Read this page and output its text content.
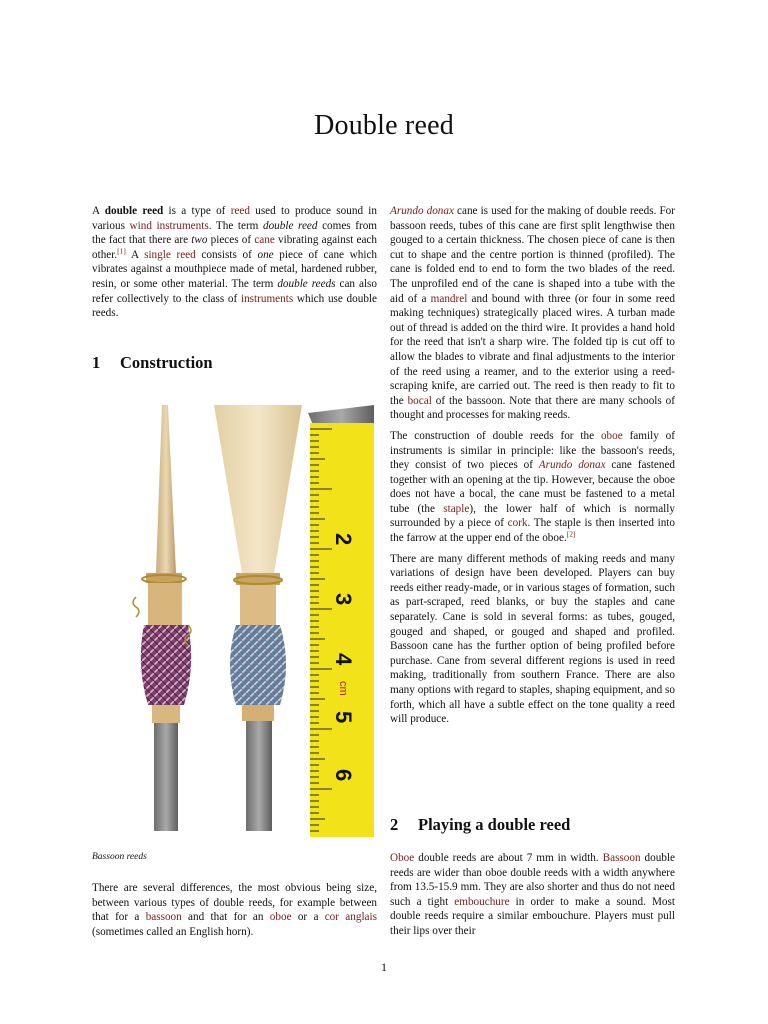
Double reed

A double reed is a type of reed used to produce sound in various wind instruments. The term double reed comes from the fact that there are two pieces of cane vibrating against each other.[1] A single reed consists of one piece of cane which vibrates against a mouthpiece made of metal, hardened rubber, resin, or some other material. The term double reeds can also refer collectively to the class of instruments which use double reeds.

1 Construction
2
3
4
cm
5
6
Bassoon reeds

There are several differences, the most obvious being size, between various types of double reeds, for example between that for a bassoon and that for an oboe or a cor anglais (sometimes called an English horn).

Arundo donax cane is used for the making of double reeds. For bassoon reeds, tubes of this cane are first split lengthwise then gouged to a certain thickness. The chosen piece of cane is then cut to shape and the centre portion is thinned (profiled). The cane is folded end to end to form the two blades of the reed. The unprofiled end of the cane is shaped into a tube with the aid of a mandrel and bound with three (or four in some reed making techniques) strategically placed wires. A turban made out of thread is added on the third wire. It provides a hand hold for the reed that isn't a sharp wire. The folded tip is cut off to allow the blades to vibrate and final adjustments to the interior of the reed using a reamer, and to the exterior using a reed-scraping knife, are carried out. The reed is then ready to fit to the bocal of the bassoon. Note that there are many schools of thought and processes for making reeds.

The construction of double reeds for the oboe family of instruments is similar in principle: like the bassoon's reeds, they consist of two pieces of Arundo donax cane fastened together with an opening at the tip. However, because the oboe does not have a bocal, the cane must be fastened to a metal tube (the staple), the lower half of which is normally surrounded by a piece of cork. The staple is then inserted into the farrow at the upper end of the oboe.[2]

There are many different methods of making reeds and many variations of design have been developed. Players can buy reeds either ready-made, or in various stages of formation, such as part-scraped, reed blanks, or buy the staples and cane separately. Cane is sold in several forms: as tubes, gouged, gouged and shaped, or gouged and shaped and profiled. Bassoon cane has the further option of being profiled before purchase. Cane from several different regions is used in reed making, traditionally from southern France. There are also many options with regard to staples, shaping equipment, and so forth, which all have a subtle effect on the tone quality a reed will produce.

2 Playing a double reed

Oboe double reeds are about 7 mm in width. Bassoon double reeds are wider than oboe double reeds with a width anywhere from 13.5-15.9 mm. They are also shorter and thus do not need such a tight embouchure in order to make a sound. Most double reeds require a similar embouchure. Players must pull their lips over their

1
